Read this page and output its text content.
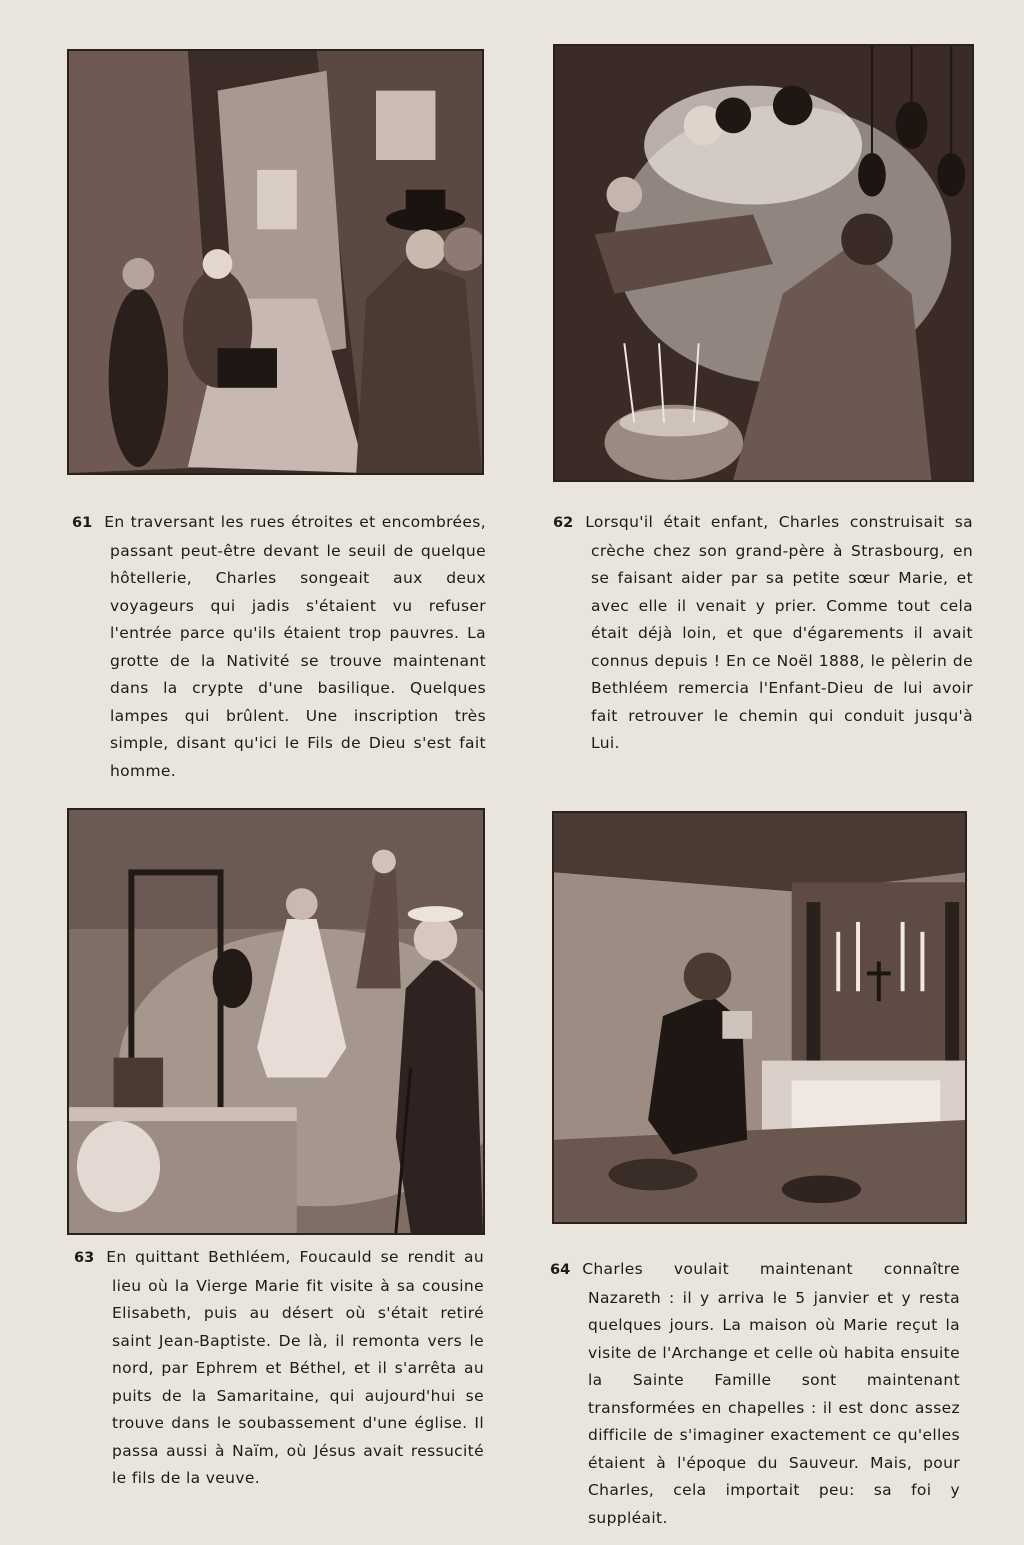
61 En traversant les rues étroites et encombrées, passant peut-être devant le seuil de quelque hôtellerie, Charles songeait aux deux voyageurs qui jadis s'étaient vu refuser l'entrée parce qu'ils étaient trop pauvres. La grotte de la Nativité se trouve maintenant dans la crypte d'une basilique. Quelques lampes qui brûlent. Une inscription très simple, disant qu'ici le Fils de Dieu s'est fait homme.
62 Lorsqu'il était enfant, Charles construisait sa crèche chez son grand-père à Strasbourg, en se faisant aider par sa petite sœur Marie, et avec elle il venait y prier. Comme tout cela était déjà loin, et que d'égarements il avait connus depuis ! En ce Noël 1888, le pèlerin de Bethléem remercia l'Enfant-Dieu de lui avoir fait retrouver le chemin qui conduit jusqu'à Lui.
63 En quittant Bethléem, Foucauld se rendit au lieu où la Vierge Marie fit visite à sa cousine Elisabeth, puis au désert où s'était retiré saint Jean-Baptiste. De là, il remonta vers le nord, par Ephrem et Béthel, et il s'arrêta au puits de la Samaritaine, qui aujourd'hui se trouve dans le soubassement d'une église. Il passa aussi à Naïm, où Jésus avait ressucité le fils de la veuve.
64 Charles voulait maintenant connaître Nazareth : il y arriva le 5 janvier et y resta quelques jours. La maison où Marie reçut la visite de l'Archange et celle où habita ensuite la Sainte Famille sont maintenant transformées en chapelles : il est donc assez difficile de s'imaginer exactement ce qu'elles étaient à l'époque du Sauveur. Mais, pour Charles, cela importait peu: sa foi y suppléait.
